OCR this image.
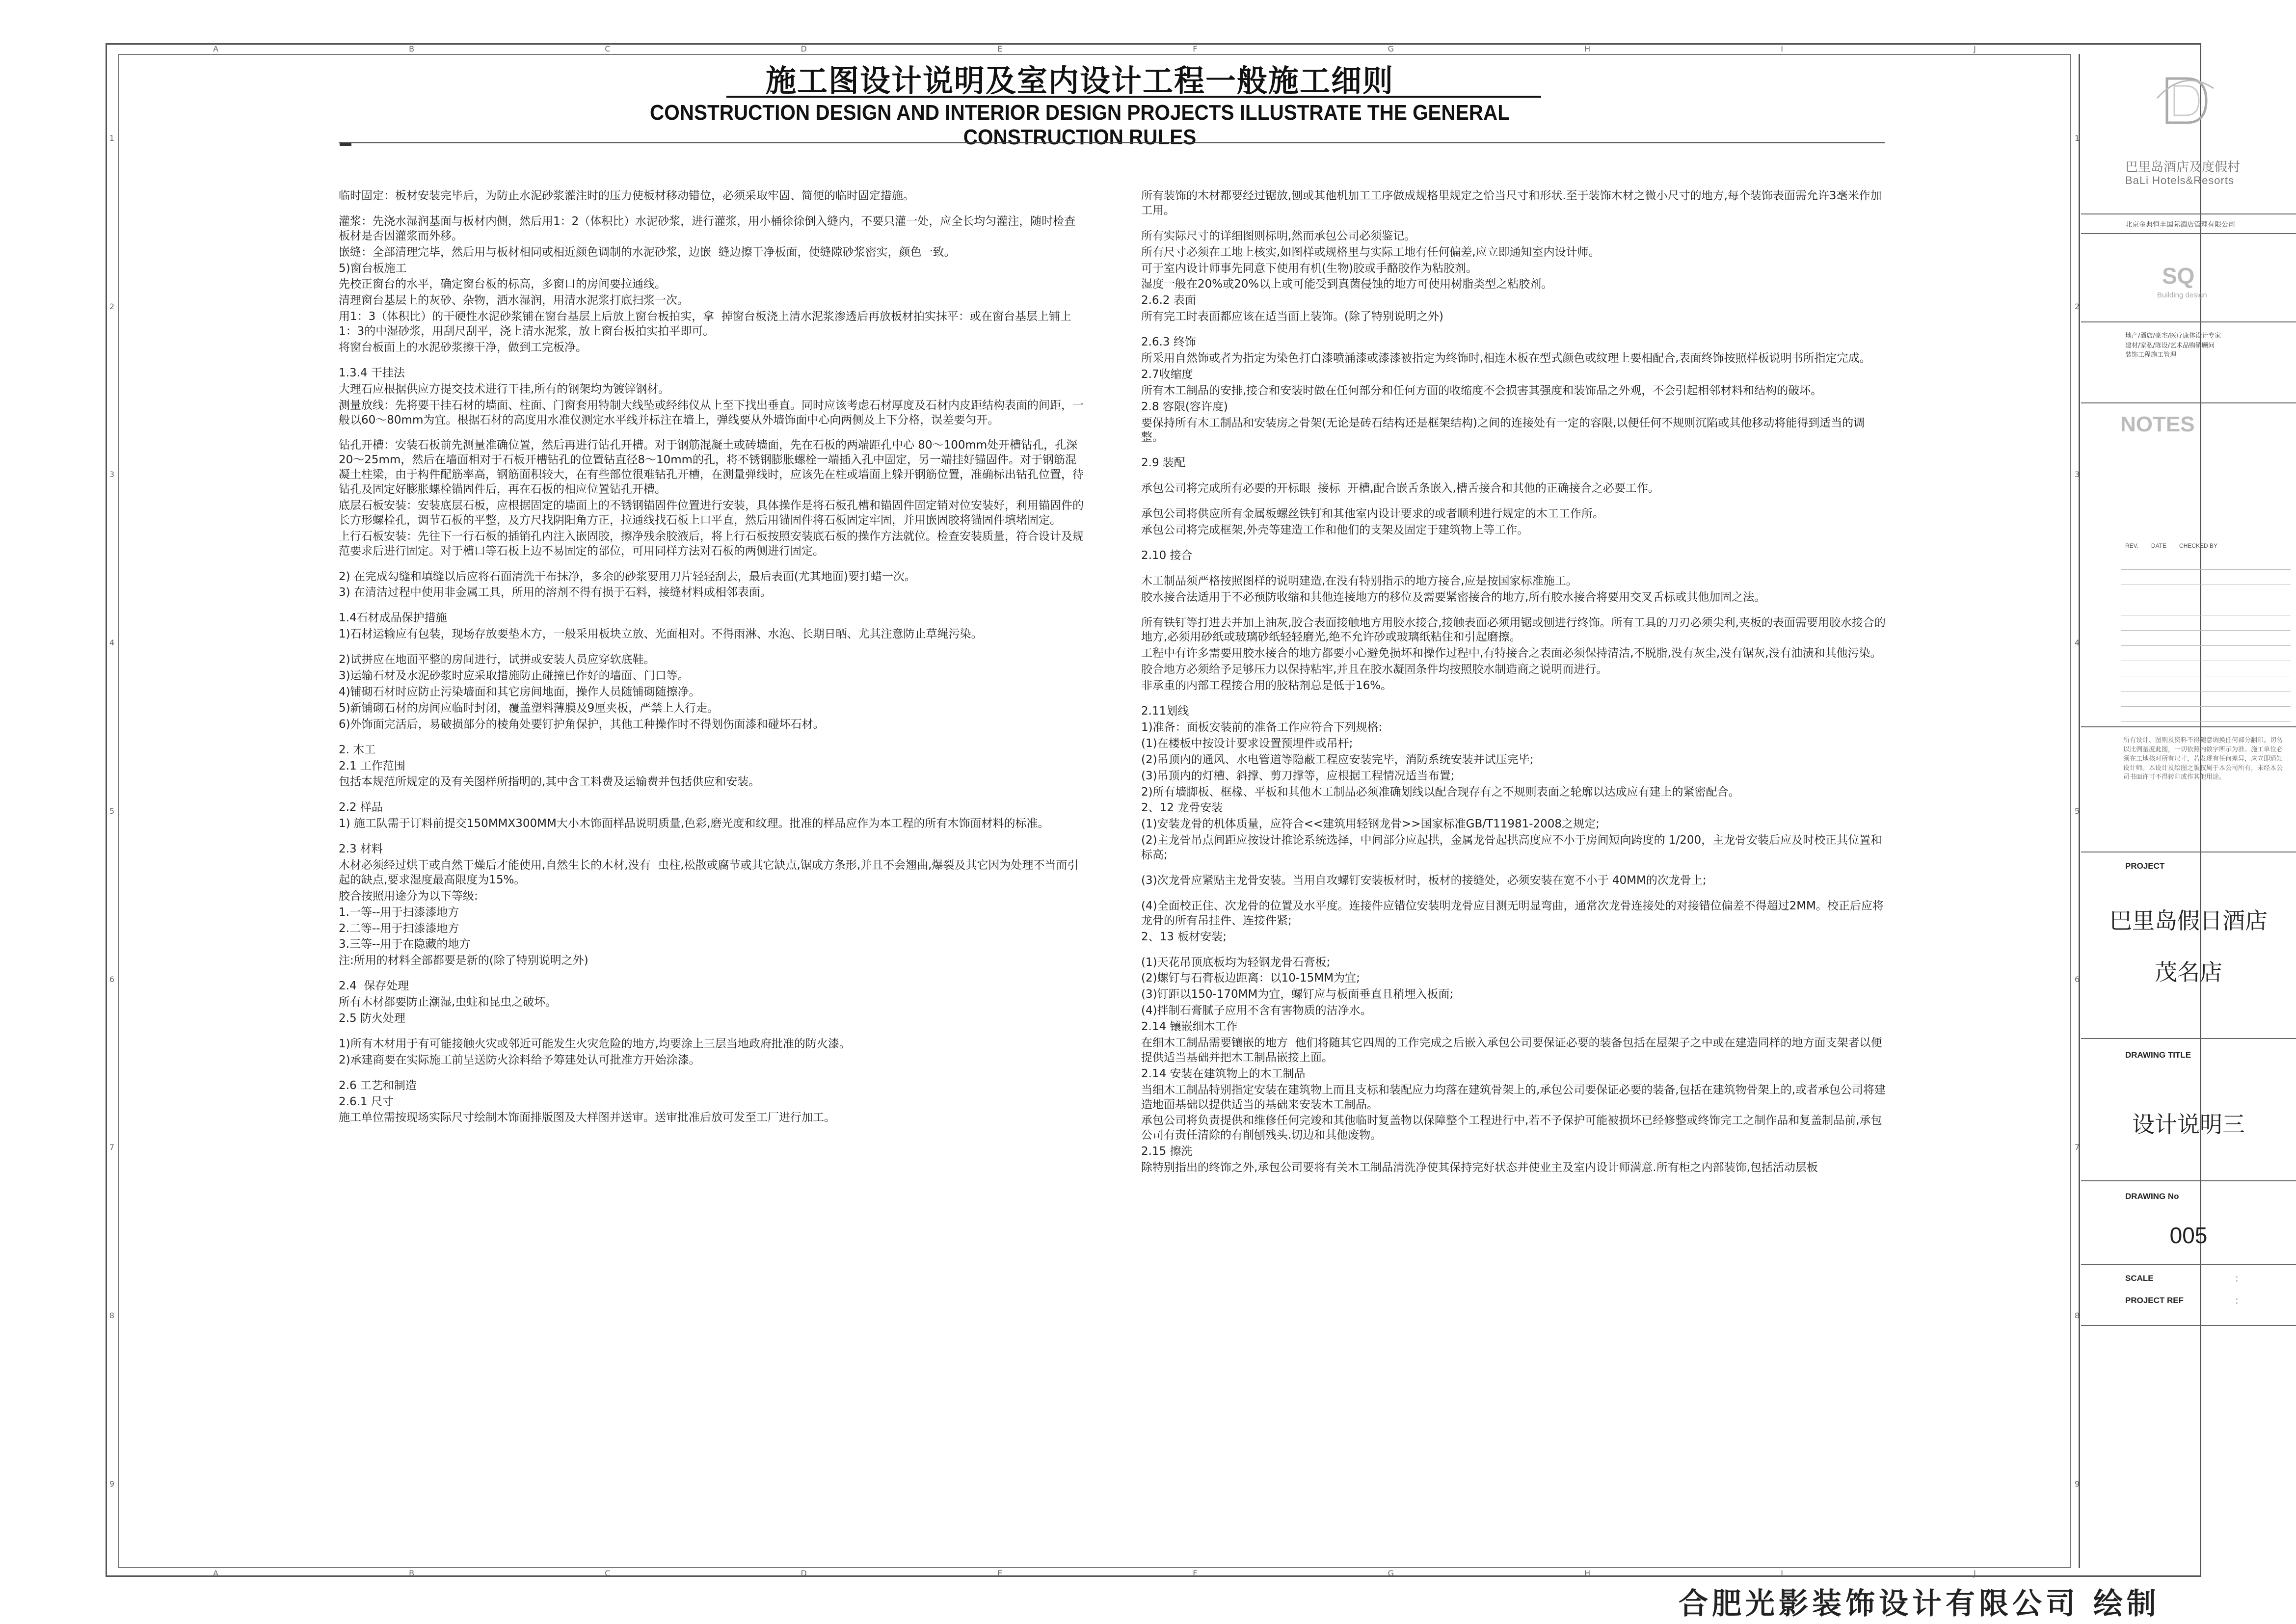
A	B	C	D	E	F	G	H	I	J
A	B	C	D	E	F	G	H	I	J
1
2
3
4
5
6
7
8
9
1
2
3
4
5
6
7
8
9
施工图设计说明及室内设计工程一般施工细则
CONSTRUCTION DESIGN AND INTERIOR DESIGN PROJECTS ILLUSTRATE THE GENERAL CONSTRUCTION RULES

临时固定：板材安装完毕后，为防止水泥砂浆灌注时的压力使板材移动错位，必须采取牢固、简便的临时固定措施。

灌浆：先浇水湿润基面与板材内侧，然后用1：2（体积比）水泥砂浆，进行灌浆，用小桶徐徐倒入缝内，不要只灌一处，应全长均匀灌注，随时检查板材是否因灌浆而外移。

嵌缝：全部清理完毕，然后用与板材相同或相近颜色调制的水泥砂浆，边嵌  缝边擦干净板面，使缝隙砂浆密实，颜色一致。

5)窗台板施工

先校正窗台的水平，确定窗台板的标高，多窗口的房间要拉通线。

清理窗台基层上的灰砂、杂物，洒水湿润，用清水泥浆打底扫浆一次。

用1：3（体积比）的干硬性水泥砂浆铺在窗台基层上后放上窗台板拍实，拿  掉窗台板浇上清水泥浆渗透后再放板材拍实抹平：或在窗台基层上铺上1：3的中湿砂浆，用刮尺刮平，浇上清水泥浆，放上窗台板拍实拍平即可。

将窗台板面上的水泥砂浆擦干净，做到工完板净。

1.3.4 干挂法

大理石应根据供应方提交技术进行干挂,所有的钢架均为镀锌钢材。

测量放线：先将要干挂石材的墙面、柱面、门窗套用特制大线坠或经纬仪从上至下找出垂直。同时应该考虑石材厚度及石材内皮距结构表面的间距，一般以60～80mm为宜。根据石材的高度用水准仪测定水平线并标注在墙上，弹线要从外墙饰面中心向两侧及上下分格，误差要匀开。

钻孔开槽：安装石板前先测量准确位置，然后再进行钻孔开槽。对于钢筋混凝土或砖墙面，先在石板的两端距孔中心 80～100mm处开槽钻孔，孔深20～25mm，然后在墙面相对于石板开槽钻孔的位置钻直径8～10mm的孔，将不锈钢膨胀螺栓一端插入孔中固定，另一端挂好锚固件。对于钢筋混凝土柱梁，由于构件配筋率高，钢筋面积较大，在有些部位很难钻孔开槽，在测量弹线时，应该先在柱或墙面上躲开钢筋位置，准确标出钻孔位置，待钻孔及固定好膨胀螺栓锚固件后，再在石板的相应位置钻孔开槽。

底层石板安装：安装底层石板，应根据固定的墙面上的不锈钢锚固件位置进行安装，具体操作是将石板孔槽和锚固件固定销对位安装好，利用锚固件的长方形螺栓孔，调节石板的平整，及方尺找阴阳角方正，拉通线找石板上口平直，然后用锚固件将石板固定牢固，并用嵌固胶将锚固件填堵固定。

上行石板安装：先往下一行石板的插销孔内注入嵌固胶，擦净残余胶液后，将上行石板按照安装底石板的操作方法就位。检查安装质量，符合设计及规范要求后进行固定。对于槽口等石板上边不易固定的部位，可用同样方法对石板的两侧进行固定。

2) 在完成勾缝和填缝以后应将石面清洗干布抹净，多余的砂浆要用刀片轻轻刮去，最后表面(尤其地面)要打蜡一次。

3) 在清洁过程中使用非金属工具，所用的溶剂不得有损于石料，接缝材料成相邻表面。

1.4石材成品保护措施

1)石材运输应有包装，现场存放要垫木方，一般采用板块立放、光面相对。不得雨淋、水泡、长期日晒、尤其注意防止草绳污染。

2)试拼应在地面平整的房间进行，试拼或安装人员应穿软底鞋。

3)运输石材及水泥砂浆时应采取措施防止碰撞已作好的墙面、门口等。

4)铺砌石材时应防止污染墙面和其它房间地面，操作人员随铺砌随擦净。

5)新铺砌石材的房间应临时封闭，覆盖塑料薄膜及9厘夹板，严禁上人行走。

6)外饰面完活后，易破损部分的棱角处要钉护角保护，其他工种操作时不得划伤面漆和碰坏石材。

2. 木工

2.1 工作范围

包括本规范所规定的及有关图样所指明的,其中含工料费及运输费并包括供应和安装。

2.2 样品

1) 施工队需于订料前提交150MMX300MM大小木饰面样品说明质量,色彩,磨光度和纹理。批准的样品应作为本工程的所有木饰面材料的标准。

2.3 材料

木材必须经过烘干或自然干燥后才能使用,自然生长的木材,没有  虫柱,松散或腐节或其它缺点,锯成方条形,并且不会翘曲,爆裂及其它因为处理不当而引起的缺点,要求湿度最高限度为15%。

胶合按照用途分为以下等级:

1.一等--用于扫漆漆地方

2.二等--用于扫漆漆地方

3.三等--用于在隐藏的地方

注:所用的材料全部都要是新的(除了特别说明之外)

2.4  保存处理

所有木材都要防止潮湿,虫蛀和昆虫之破坏。

2.5 防火处理

1)所有木材用于有可能接触火灾或邻近可能发生火灾危险的地方,均要涂上三层当地政府批准的防火漆。

2)承建商要在实际施工前呈送防火涂料给予筹建处认可批准方开始涂漆。

2.6 工艺和制造

2.6.1 尺寸

施工单位需按现场实际尺寸绘制木饰面排版图及大样图并送审。送审批准后放可发至工厂进行加工。

所有装饰的木材都要经过锯放,刨或其他机加工工序做成规格里规定之恰当尺寸和形状.至于装饰木材之微小尺寸的地方,每个装饰表面需允许3毫米作加工用。

所有实际尺寸的详细图则标明,然而承包公司必须鉴记。

所有尺寸必须在工地上核实,如图样或规格里与实际工地有任何偏差,应立即通知室内设计师。

可于室内设计师事先同意下使用有机(生物)胶或手酪胶作为粘胶剂。

湿度一般在20%或20%以上或可能受到真菌侵蚀的地方可使用树脂类型之粘胶剂。

2.6.2 表面

所有完工时表面都应该在适当面上装饰。(除了特别说明之外)

2.6.3 终饰

所采用自然饰或者为指定为染色打白漆喷涌漆或漆漆被指定为终饰时,相连木板在型式颜色或纹理上要相配合,表面终饰按照样板说明书所指定完成。

2.7收缩度

所有木工制品的安排,接合和安装时做在任何部分和任何方面的收缩度不会损害其强度和装饰品之外观，不会引起相邻材料和结构的破坏。

2.8 容限(容许度)

要保持所有木工制品和安装房之骨架(无论是砖石结构还是框架结构)之间的连接处有一定的容限,以便任何不规则沉陷或其他移动将能得到适当的调整。

2.9 装配

承包公司将完成所有必要的开标眼  接标  开槽,配合嵌舌条嵌入,槽舌接合和其他的正确接合之必要工作。

承包公司将供应所有金属板螺丝铁钉和其他室内设计要求的或者顺利进行规定的木工工作所。

承包公司将完成框架,外壳等建造工作和他们的支架及固定于建筑物上等工作。

2.10 接合

木工制品须严格按照图样的说明建造,在没有特别指示的地方接合,应是按国家标准施工。

胶水接合法适用于不必预防收缩和其他连接地方的移位及需要紧密接合的地方,所有胶水接合将要用交叉舌标或其他加固之法。

所有铁钉等打进去并加上油灰,胶合表面接触地方用胶水接合,接触表面必须用锯或刨进行终饰。所有工具的刀刃必须尖利,夹板的表面需要用胶水接合的地方,必须用砂纸或玻璃砂纸轻轻磨光,绝不允许砂或玻璃纸粘住和引起磨擦。

工程中有许多需要用胶水接合的地方都要小心避免损坏和操作过程中,有特接合之表面必须保持清洁,不脱脂,没有灰尘,没有锯灰,没有油渍和其他污染。

胶合地方必须给予足够压力以保持粘牢,并且在胶水凝固条件均按照胶水制造商之说明而进行。

非承重的内部工程接合用的胶粘剂总是低于16%。

2.11划线

1)准备：面板安装前的准备工作应符合下列规格:

(1)在楼板中按设计要求设置预埋件或吊杆;

(2)吊顶内的通风、水电管道等隐蔽工程应安装完毕，消防系统安装并试压完毕;

(3)吊顶内的灯槽、斜撑、剪刀撑等，应根据工程情况适当布置;

2)所有墙脚板、框椽、平板和其他木工制品必须准确划线以配合现存有之不规则表面之轮廓以达成应有建上的紧密配合。

2、12 龙骨安装

(1)安装龙骨的机体质量，应符合<<建筑用轻钢龙骨>>国家标准GB/T11981-2008之规定;

(2)主龙骨吊点间距应按设计推论系统选择，中间部分应起拱，金属龙骨起拱高度应不小于房间短向跨度的 1/200，主龙骨安装后应及时校正其位置和标高;

(3)次龙骨应紧贴主龙骨安装。当用自攻螺钉安装板材时，板材的接缝处，必须安装在宽不小于 40MM的次龙骨上;

(4)全面校正住、次龙骨的位置及水平度。连接件应错位安装明龙骨应目测无明显弯曲，通常次龙骨连接处的对接错位偏差不得超过2MM。校正后应将龙骨的所有吊挂件、连接件紧;

2、13 板材安装;

(1)天花吊顶底板均为轻钢龙骨石膏板;

(2)螺钉与石膏板边距离：以10-15MM为宜;

(3)钉距以150-170MM为宜，螺钉应与板面垂直且稍埋入板面;

(4)拌制石膏腻子应用不含有害物质的洁净水。

2.14 镶嵌细木工作

在细木工制品需要镶嵌的地方  他们将随其它四周的工作完成之后嵌入承包公司要保证必要的装备包括在屋架子之中或在建造同样的地方面支架者以便提供适当基础并把木工制品嵌接上面。

2.14 安装在建筑物上的木工制品

当细木工制品特别指定安装在建筑物上而且支标和装配应力均落在建筑骨架上的,承包公司要保证必要的装备,包括在建筑物骨架上的,或者承包公司将建造地面基础以提供适当的基础来安装木工制品。

承包公司将负责提供和维修任何完竣和其他临时复盖物以保障整个工程进行中,若不予保护可能被损坏已经修整或终饰完工之制作品和复盖制品前,承包公司有责任清除的有削刨残头.切边和其他废物。

2.15 擦洗

除特别指出的终饰之外,承包公司要将有关木工制品清洗净使其保持完好状态并使业主及室内设计师满意.所有柜之内部装饰,包括活动层板

巴里岛酒店及度假村
BaLi Hotels&Resorts
北京金典恒丰国际酒店管理有限公司
SQ
Building design
地产/酒店/豪宅/医疗康体设计专家
建材/家私/陈设/艺术品购销顾问
装饰工程施工管理
NOTES
REV. DATE CHECKED BY
所有设计、图则及资料不得随意调换任何部分翻印。切勿以比例量度此图，一切依照内数字所示为准。施工单位必须在工地核对所有尺寸，若发现有任何差异，应立即通知设计师。本设计及绘图之版权属于本公司所有，未经本公司书面许可不得转印或作其他用途。
PROJECT
巴里岛假日酒店
茂名店
DRAWING TITLE
设计说明三
DRAWING No
005
SCALE	:
PROJECT REF	:
合肥光影装饰设计有限公司 绘制
